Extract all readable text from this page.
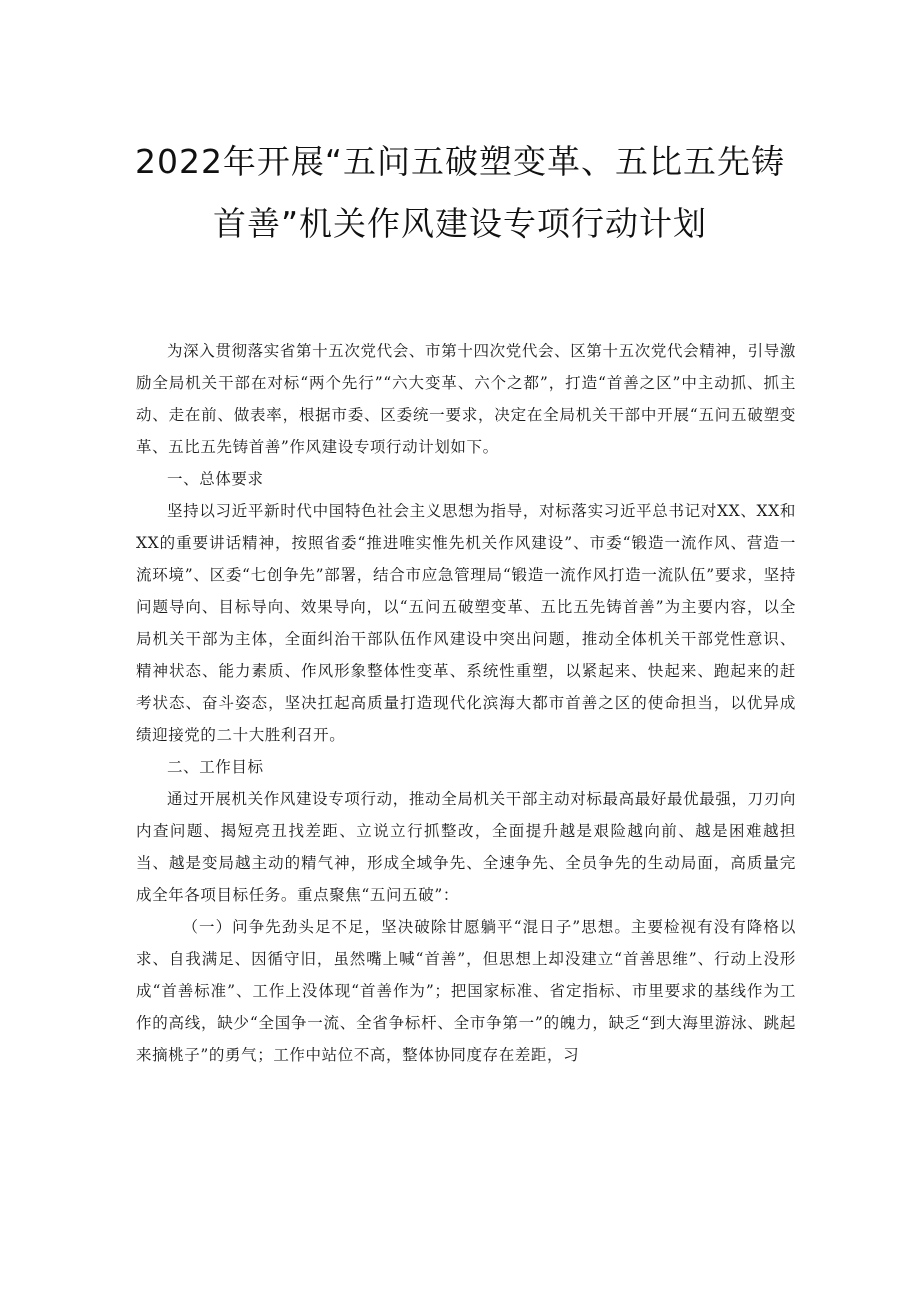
2022年开展“五问五破塑变革、五比五先铸
首善”机关作风建设专项行动计划

为深入贯彻落实省第十五次党代会、市第十四次党代会、区第十五次党代会精神，引导激励全局机关干部在对标“两个先行”“六大变革、六个之都”，打造“首善之区”中主动抓、抓主动、走在前、做表率，根据市委、区委统一要求，决定在全局机关干部中开展“五问五破塑变革、五比五先铸首善”作风建设专项行动计划如下。

一、总体要求

坚持以习近平新时代中国特色社会主义思想为指导，对标落实习近平总书记对XX、XX和XX的重要讲话精神，按照省委“推进唯实惟先机关作风建设”、市委“锻造一流作风、营造一流环境”、区委“七创争先”部署，结合市应急管理局“锻造一流作风打造一流队伍”要求，坚持问题导向、目标导向、效果导向，以“五问五破塑变革、五比五先铸首善”为主要内容，以全局机关干部为主体，全面纠治干部队伍作风建设中突出问题，推动全体机关干部党性意识、精神状态、能力素质、作风形象整体性变革、系统性重塑，以紧起来、快起来、跑起来的赶考状态、奋斗姿态，坚决扛起高质量打造现代化滨海大都市首善之区的使命担当，以优异成绩迎接党的二十大胜利召开。

二、工作目标

通过开展机关作风建设专项行动，推动全局机关干部主动对标最高最好最优最强，刀刃向内查问题、揭短亮丑找差距、立说立行抓整改，全面提升越是艰险越向前、越是困难越担当、越是变局越主动的精气神，形成全域争先、全速争先、全员争先的生动局面，高质量完成全年各项目标任务。重点聚焦“五问五破”：

（一）问争先劲头足不足，坚决破除甘愿躺平“混日子”思想。主要检视有没有降格以求、自我满足、因循守旧，虽然嘴上喊“首善”，但思想上却没建立“首善思维”、行动上没形成“首善标准”、工作上没体现“首善作为”；把国家标准、省定指标、市里要求的基线作为工作的高线，缺少“全国争一流、全省争标杆、全市争第一”的魄力，缺乏“到大海里游泳、跳起来摘桃子”的勇气；工作中站位不高，整体协同度存在差距，习
